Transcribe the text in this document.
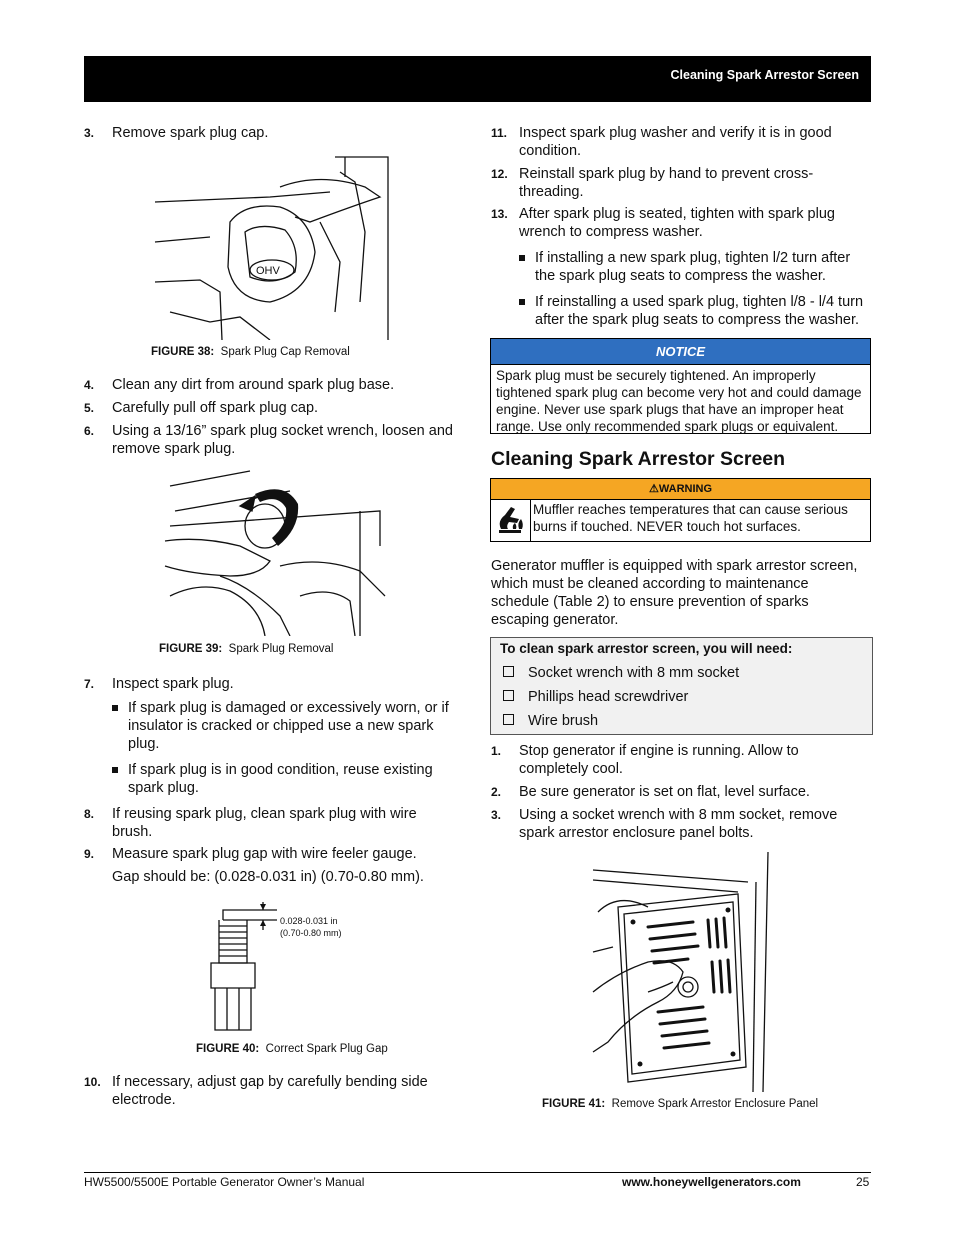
Cleaning Spark Arrestor Screen
3. Remove spark plug cap.
OHV
FIGURE 38: Spark Plug Cap Removal
4. Clean any dirt from around spark plug base.
5. Carefully pull off spark plug cap.
6. Using a 13/16” spark plug socket wrench, loosen and remove spark plug.
FIGURE 39: Spark Plug Removal
7. Inspect spark plug.
If spark plug is damaged or excessively worn, or if insulator is cracked or chipped use a new spark plug.
If spark plug is in good condition, reuse existing spark plug.
8. If reusing spark plug, clean spark plug with wire brush.
9. Measure spark plug gap with wire feeler gauge.
Gap should be: (0.028-0.031 in) (0.70-0.80 mm).
0.028-0.031 in
(0.70-0.80 mm)
FIGURE 40: Correct Spark Plug Gap
10. If necessary, adjust gap by carefully bending side electrode.
11. Inspect spark plug washer and verify it is in good condition.
12. Reinstall spark plug by hand to prevent cross-threading.
13. After spark plug is seated, tighten with spark plug wrench to compress washer.
If installing a new spark plug, tighten l/2 turn after the spark plug seats to compress the washer.
If reinstalling a used spark plug, tighten l/8 - l/4 turn after the spark plug seats to compress the washer.
NOTICE
Spark plug must be securely tightened. An improperly tightened spark plug can become very hot and could damage engine. Never use spark plugs that have an improper heat range. Use only recommended spark plugs or equivalent.
Cleaning Spark Arrestor Screen
⚠WARNING
Muffler reaches temperatures that can cause serious burns if touched. NEVER touch hot surfaces.
Generator muffler is equipped with spark arrestor screen, which must be cleaned according to maintenance schedule (Table 2) to ensure prevention of sparks escaping generator.
To clean spark arrestor screen, you will need:
Socket wrench with 8 mm socket
Phillips head screwdriver
Wire brush
1. Stop generator if engine is running. Allow to completely cool.
2. Be sure generator is set on flat, level surface.
3. Using a socket wrench with 8 mm socket, remove spark arrestor enclosure panel bolts.
FIGURE 41: Remove Spark Arrestor Enclosure Panel
HW5500/5500E Portable Generator Owner’s Manual	www.honeywellgenerators.com	25
